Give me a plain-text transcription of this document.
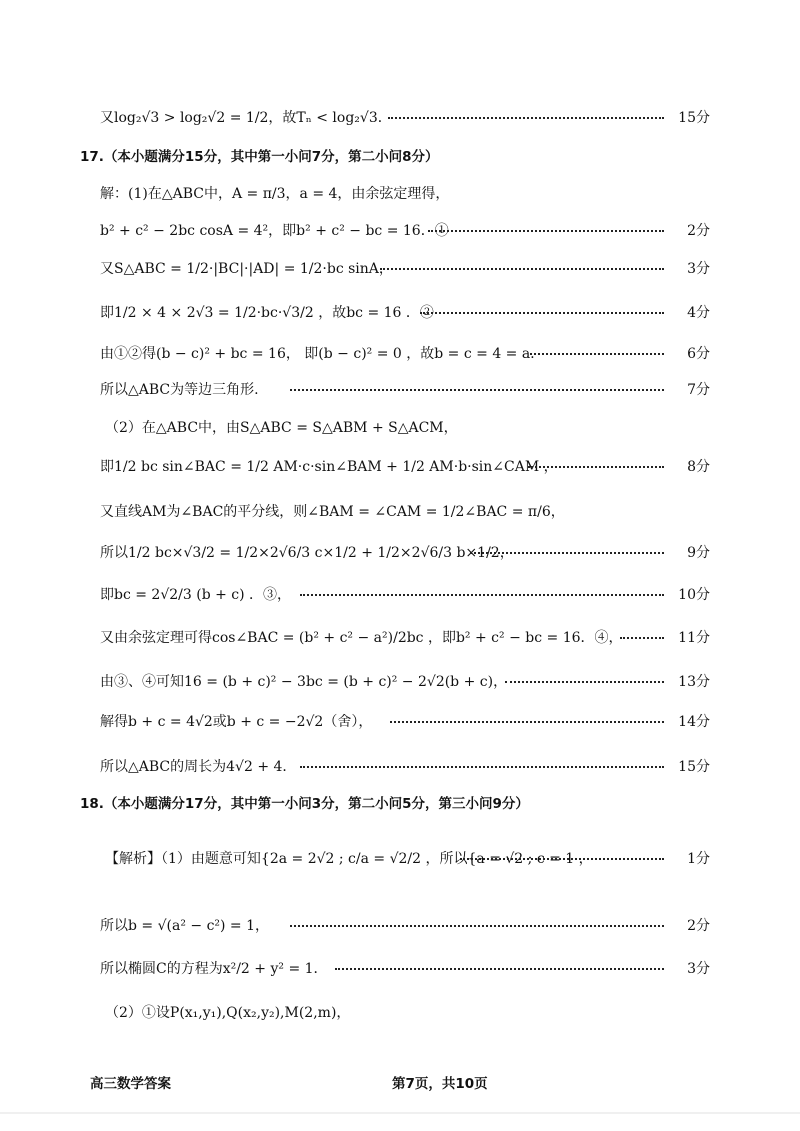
又log₂√3 > log₂√2 = 1/2，故Tₙ < log₂√3．	15分
17.（本小题满分15分，其中第一小问7分，第二小问8分）
解：(1)在△ABC中，A = π/3，a = 4，由余弦定理得，
b² + c² − 2bc cosA = 4²，即b² + c² − bc = 16．①	2分
又S△ABC = 1/2·|BC|·|AD| = 1/2·bc sinA，	3分
即1/2 × 4 × 2√3 = 1/2·bc·√3/2 ，故bc = 16 ．②	4分
由①②得(b − c)² + bc = 16， 即(b − c)² = 0 ，故b = c = 4 = a．	6分
所以△ABC为等边三角形.	7分
（2）在△ABC中，由S△ABC = S△ABM + S△ACM，
即1/2 bc sin∠BAC = 1/2 AM·c·sin∠BAM + 1/2 AM·b·sin∠CAM ，	8分
又直线AM为∠BAC的平分线，则∠BAM = ∠CAM = 1/2∠BAC = π/6，
所以1/2 bc×√3/2 = 1/2×2√6/3 c×1/2 + 1/2×2√6/3 b×1/2，	9分
即bc = 2√2/3 (b + c) ．③，	10分
又由余弦定理可得cos∠BAC = (b² + c² − a²)/2bc ，即b² + c² − bc = 16．④，	11分
由③、④可知16 = (b + c)² − 3bc = (b + c)² − 2√2(b + c)，	13分
解得b + c = 4√2或b + c = −2√2（舍），	14分
所以△ABC的周长为4√2 + 4．	15分
18.（本小题满分17分，其中第一小问3分，第二小问5分，第三小问9分）
【解析】（1）由题意可知{2a = 2√2 ; c/a = √2/2 ，所以{a = √2 ; c = 1 ，	1分
所以b = √(a² − c²) = 1，	2分
所以椭圆C的方程为x²/2 + y² = 1．	3分
（2）①设P(x₁,y₁),Q(x₂,y₂),M(2,m)，
高三数学答案	第7页，共10页
